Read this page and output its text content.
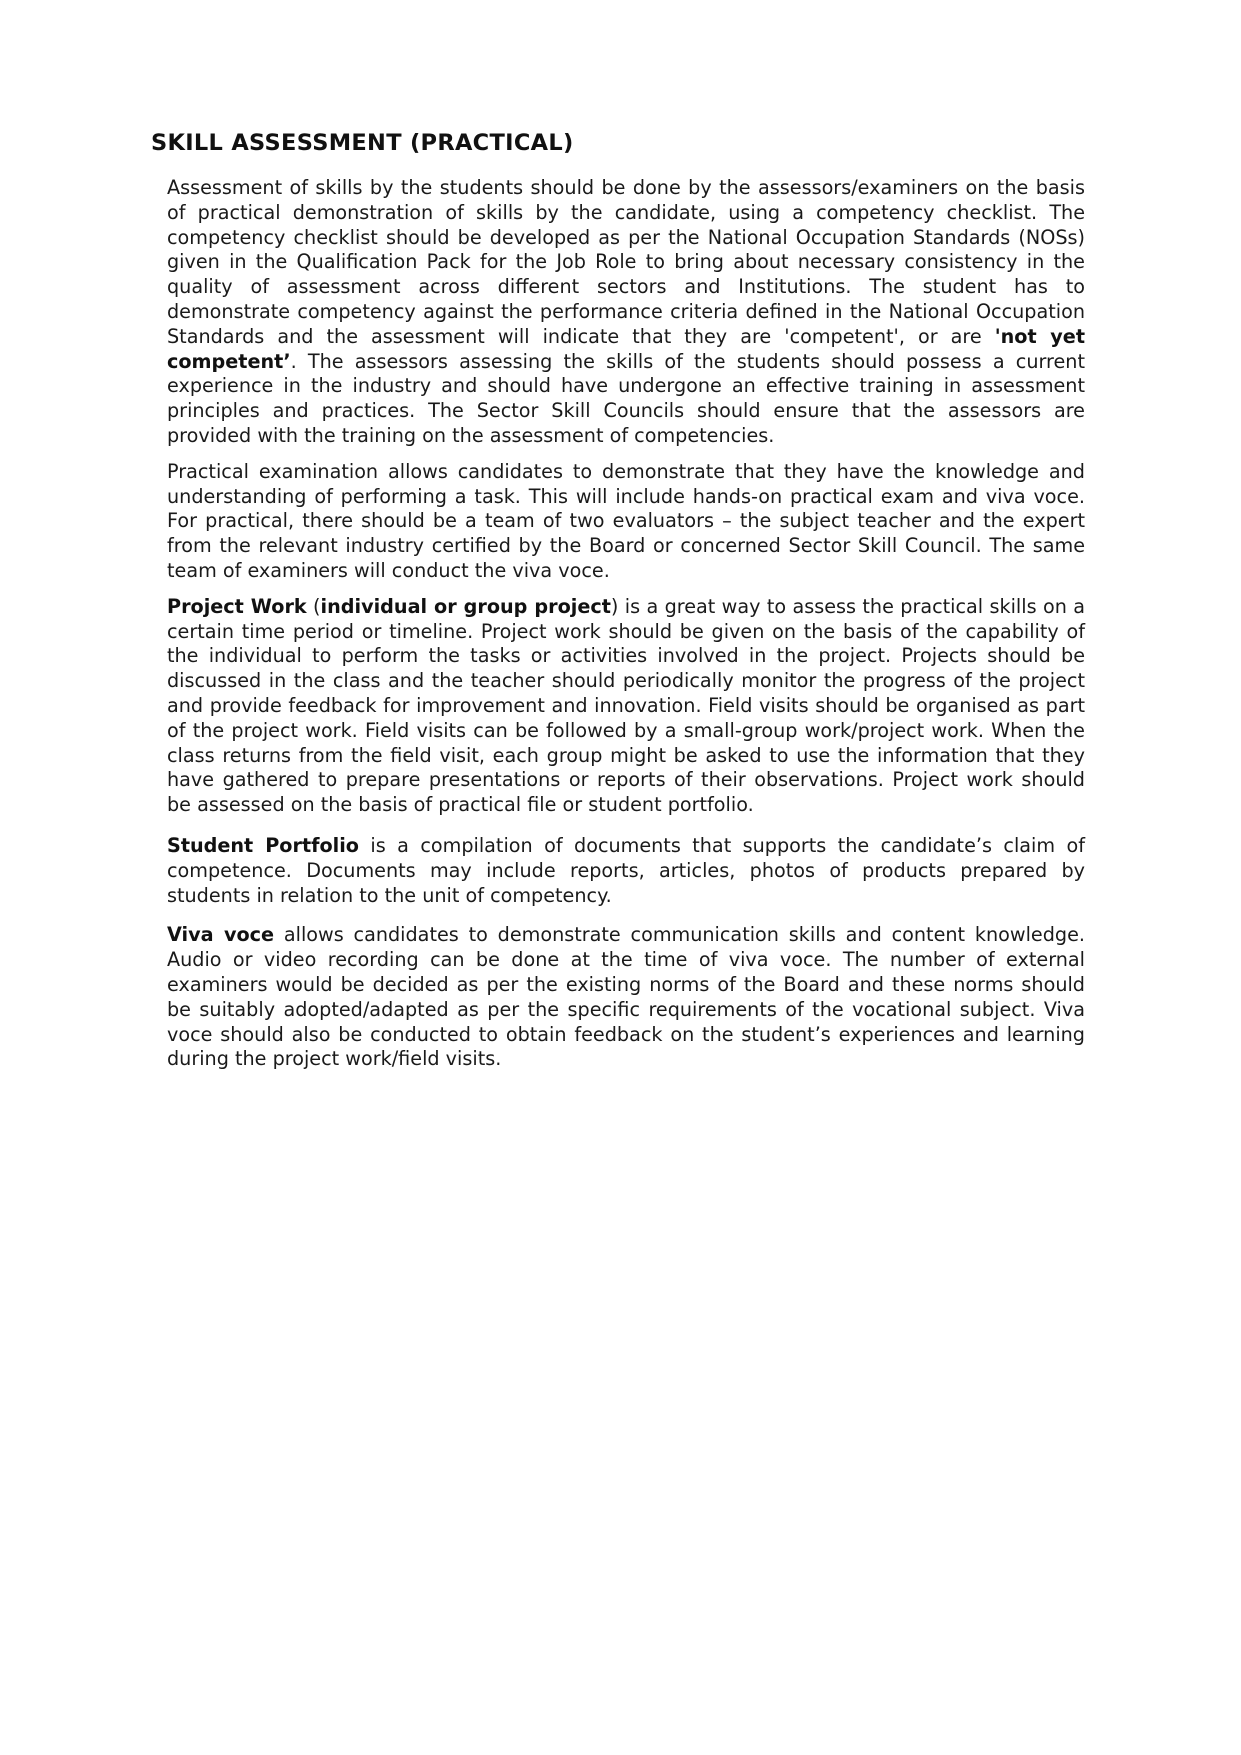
SKILL ASSESSMENT (PRACTICAL)

Assessment of skills by the students should be done by the assessors/examiners on the basis of practical demonstration of skills by the candidate, using a competency checklist. The competency checklist should be developed as per the National Occupation Standards (NOSs) given in the Qualification Pack for the Job Role to bring about necessary consistency in the quality of assessment across different sectors and Institutions. The student has to demonstrate competency against the performance criteria defined in the National Occupation Standards and the assessment will indicate that they are 'competent', or are 'not yet competent’. The assessors assessing the skills of the students should possess a current experience in the industry and should have undergone an effective training in assessment principles and practices. The Sector Skill Councils should ensure that the assessors are provided with the training on the assessment of competencies.

Practical examination allows candidates to demonstrate that they have the knowledge and understanding of performing a task. This will include hands-on practical exam and viva voce. For practical, there should be a team of two evaluators – the subject teacher and the expert from the relevant industry certified by the Board or concerned Sector Skill Council. The same team of examiners will conduct the viva voce.

Project Work (individual or group project) is a great way to assess the practical skills on a certain time period or timeline. Project work should be given on the basis of the capability of the individual to perform the tasks or activities involved in the project. Projects should be discussed in the class and the teacher should periodically monitor the progress of the project and provide feedback for improvement and innovation. Field visits should be organised as part of the project work. Field visits can be followed by a small-group work/project work. When the class returns from the field visit, each group might be asked to use the information that they have gathered to prepare presentations or reports of their observations. Project work should be assessed on the basis of practical file or student portfolio.

Student Portfolio is a compilation of documents that supports the candidate’s claim of competence. Documents may include reports, articles, photos of products prepared by students in relation to the unit of competency.

Viva voce allows candidates to demonstrate communication skills and content knowledge. Audio or video recording can be done at the time of viva voce. The number of external examiners would be decided as per the existing norms of the Board and these norms should be suitably adopted/adapted as per the specific requirements of the vocational subject. Viva voce should also be conducted to obtain feedback on the student’s experiences and learning during the project work/field visits.
